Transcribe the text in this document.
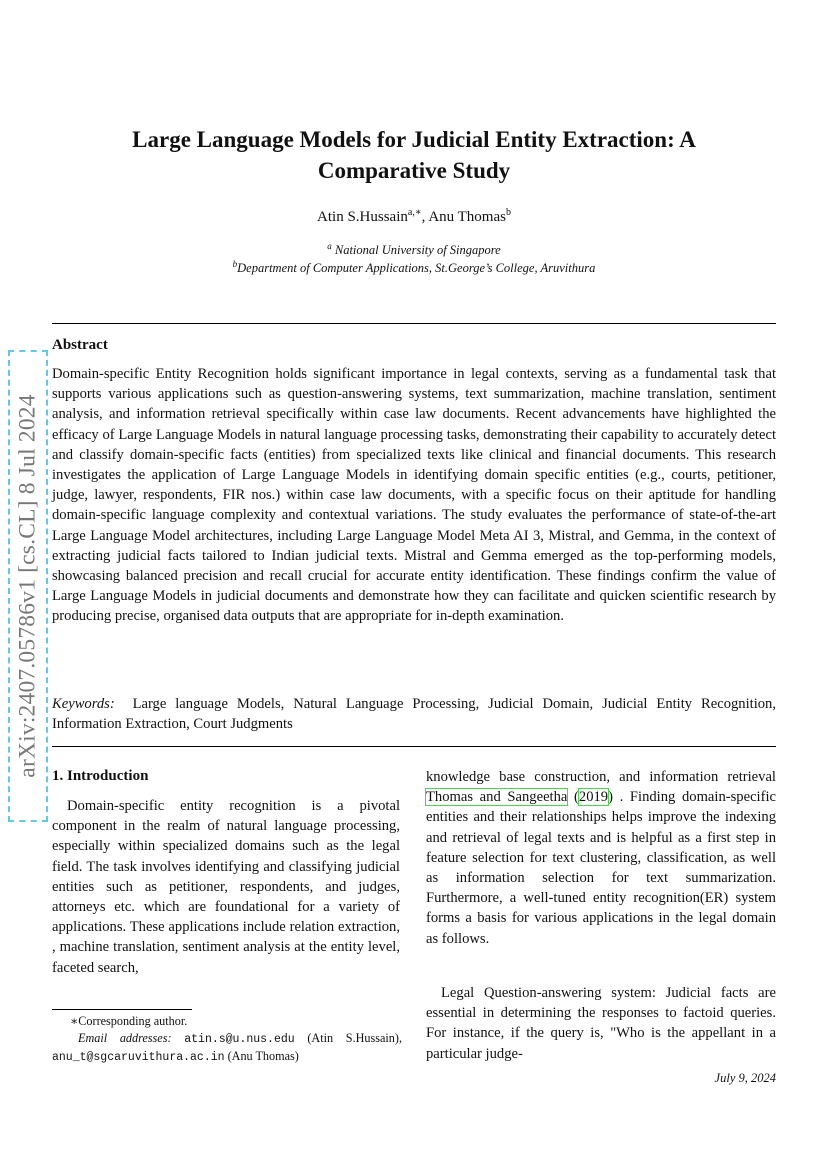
arXiv:2407.05786v1 [cs.CL] 8 Jul 2024
Large Language Models for Judicial Entity Extraction: A
Comparative Study
Atin S.Hussain$^{a,∗}$, Anu Thomas$^b$
$^a$ National University of Singapore
$^b$Department of Computer Applications, St.George’s College, Aruvithura
Abstract

Domain-specific Entity Recognition holds significant importance in legal contexts, serving as a fundamental task that supports various applications such as question-answering systems, text summarization, machine translation, sentiment analysis, and information retrieval specifically within case law documents. Recent advancements have highlighted the efficacy of Large Language Models in natural language processing tasks, demonstrating their capability to accurately detect and classify domain-specific facts (entities) from specialized texts like clinical and financial documents. This research investigates the application of Large Language Models in identifying domain specific entities (e.g., courts, petitioner, judge, lawyer, respondents, FIR nos.) within case law documents, with a specific focus on their aptitude for handling domain-specific language complexity and contextual variations. The study evaluates the performance of state-of-the-art Large Language Model architectures, including Large Language Model Meta AI 3, Mistral, and Gemma, in the context of extracting judicial facts tailored to Indian judicial texts. Mistral and Gemma emerged as the top-performing models, showcasing balanced precision and recall crucial for accurate entity identification. These findings confirm the value of Large Language Models in judicial documents and demonstrate how they can facilitate and quicken scientific research by producing precise, organised data outputs that are appropriate for in-depth examination.

Keywords: Large language Models, Natural Language Processing, Judicial Domain, Judicial Entity Recognition, Information Extraction, Court Judgments

1. Introduction

Domain-specific entity recognition is a pivotal component in the realm of natural language processing, especially within specialized domains such as the legal field. The task involves identifying and classifying judicial entities such as petitioner, respondents, and judges, attorneys etc. which are foundational for a variety of applications. These applications include relation extraction, , machine translation, sentiment analysis at the entity level, faceted search,

knowledge base construction, and information retrieval Thomas and Sangeetha (2019) . Finding domain-specific entities and their relationships helps improve the indexing and retrieval of legal texts and is helpful as a first step in feature selection for text clustering, classification, as well as information selection for text summarization. Furthermore, a well-tuned entity recognition(ER) system forms a basis for various applications in the legal domain as follows.

Legal Question-answering system: Judicial facts are essential in determining the responses to factoid queries. For instance, if the query is, "Who is the appellant in a particular judge-

∗Corresponding author.

Email addresses: atin.s@u.nus.edu (Atin S.Hussain), anu_t@sgcaruvithura.ac.in (Anu Thomas)

July 9, 2024
